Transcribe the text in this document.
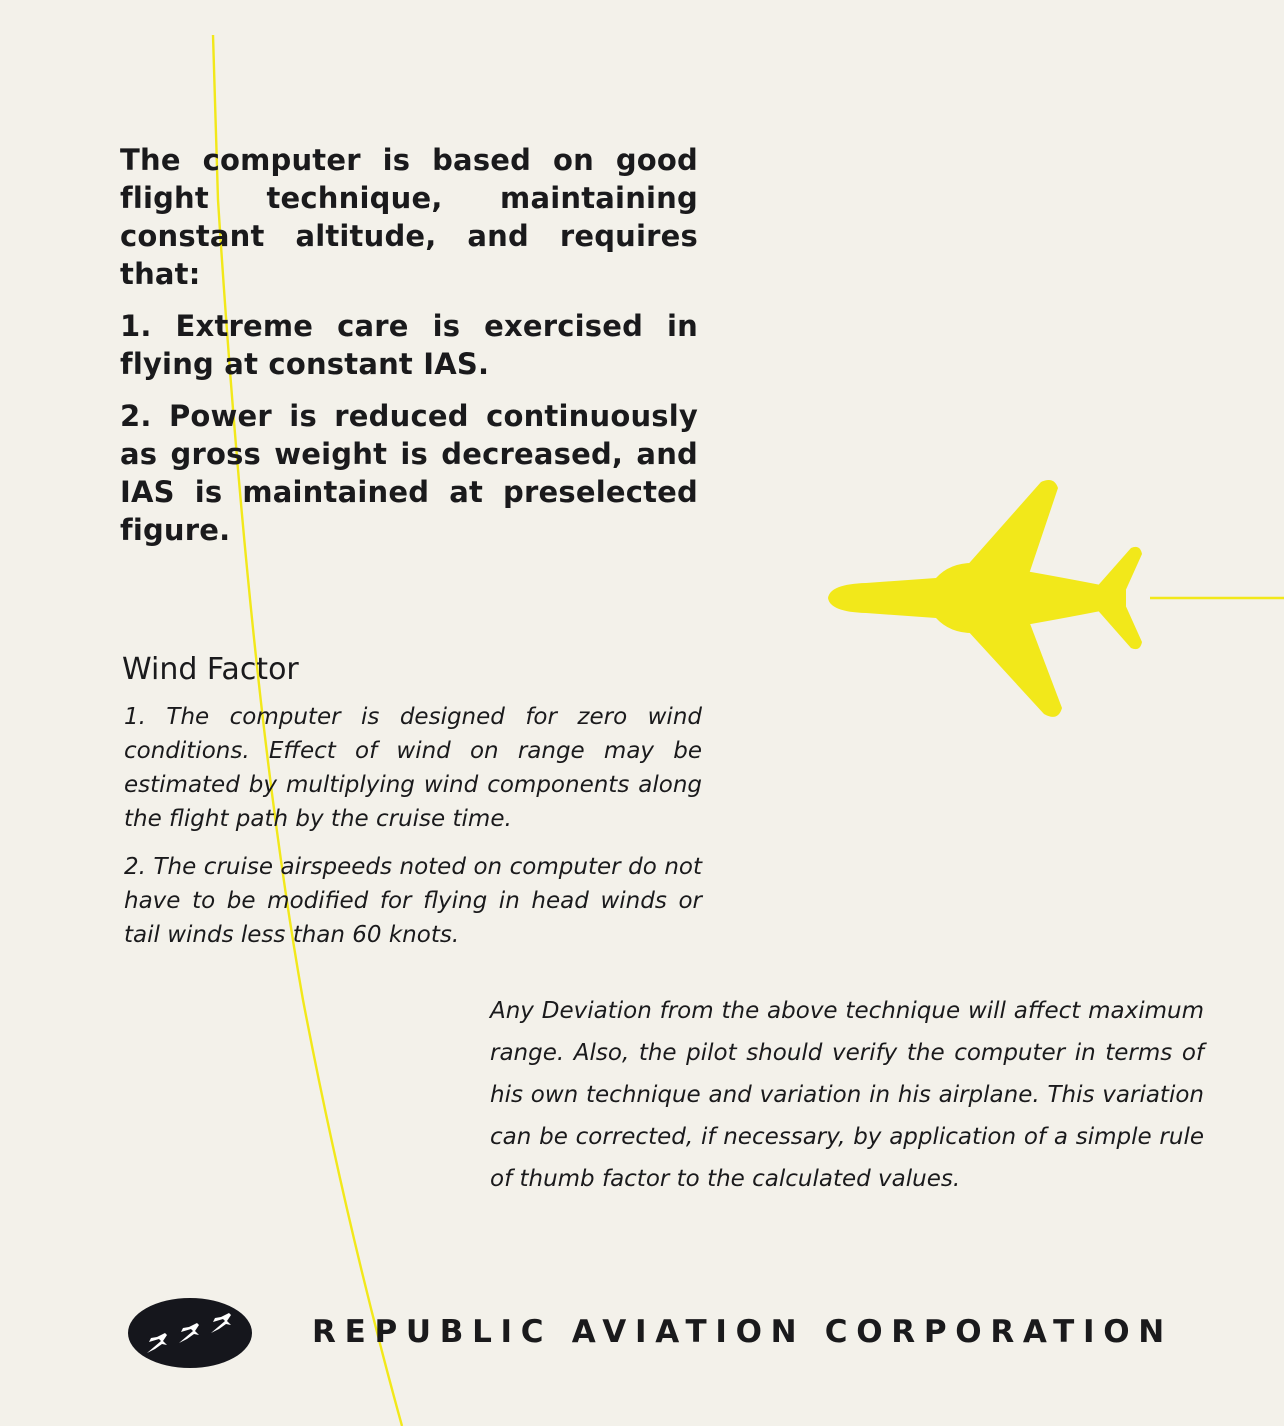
The computer is based on good flight technique, maintaining constant altitude, and requires that:

1. Extreme care is exercised in flying at constant IAS.

2. Power is reduced continuously as gross weight is decreased, and IAS is maintained at preselected figure.

Wind Factor

1. The computer is designed for zero wind conditions. Effect of wind on range may be estimated by multiplying wind components along the flight path by the cruise time.

2. The cruise airspeeds noted on computer do not have to be modified for flying in head winds or tail winds less than 60 knots.

Any Deviation from the above technique will affect maximum range. Also, the pilot should verify the computer in terms of his own technique and variation in his airplane. This variation can be corrected, if necessary, by application of a simple rule of thumb factor to the calculated values.

REPUBLIC AVIATION CORPORATION
